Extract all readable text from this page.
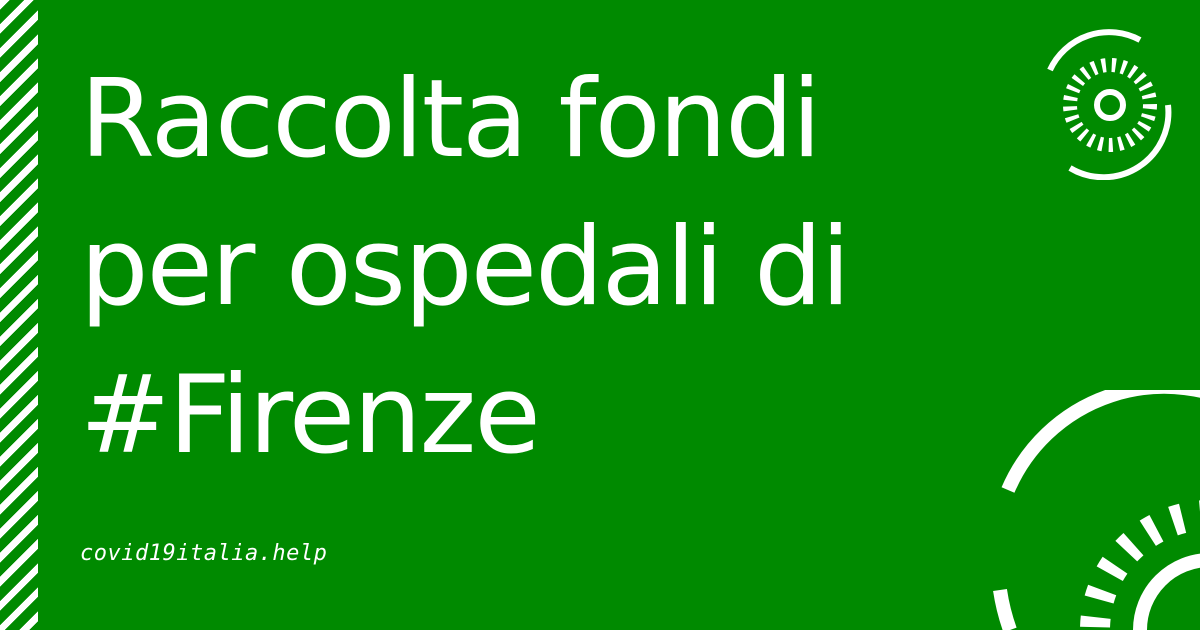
Raccolta fondi
per ospedali di
#Firenze

covid19italia.help
